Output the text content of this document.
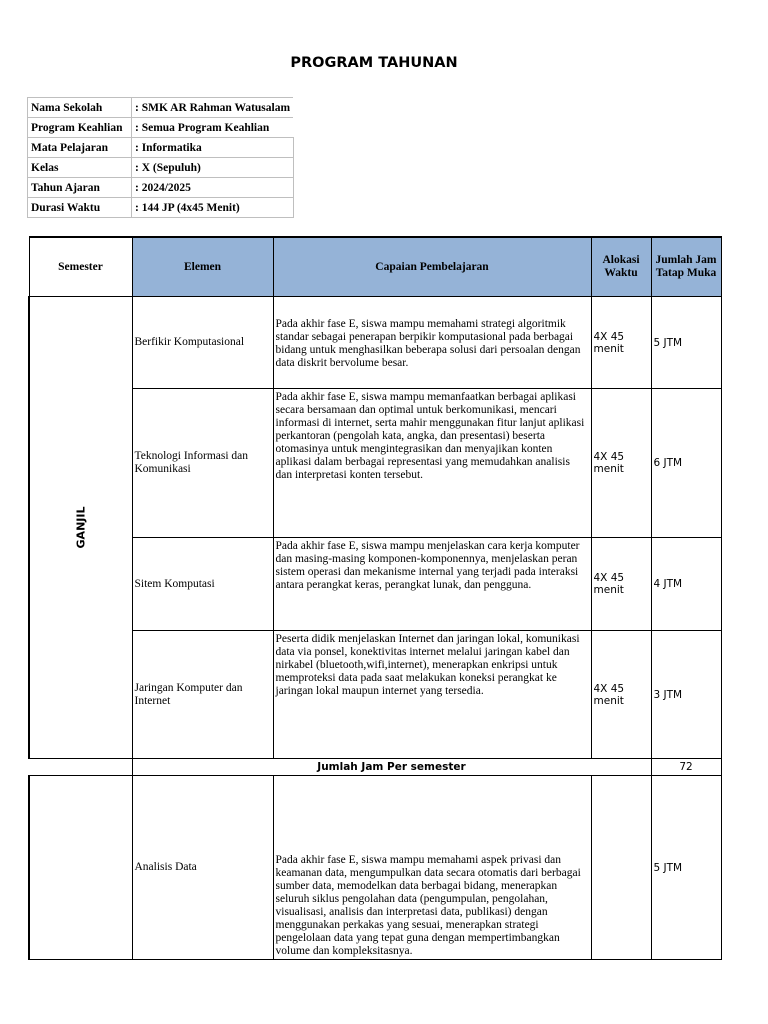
PROGRAM TAHUNAN
Nama Sekolah	: SMK AR Rahman Watusalam
Program Keahlian	: Semua Program Keahlian
Mata Pelajaran	: Informatika
Kelas	: X (Sepuluh)
Tahun Ajaran	: 2024/2025
Durasi Waktu	: 144 JP (4x45 Menit)
Semester	Elemen	Capaian Pembelajaran	Alokasi Waktu	Jumlah Jam Tatap Muka
GANJIL	Berfikir Komputasional	Pada akhir fase E, siswa mampu memahami strategi algoritmik standar sebagai penerapan berpikir komputasional pada berbagai bidang untuk menghasilkan beberapa solusi dari persoalan dengan data diskrit bervolume besar.	4X 45 menit	5 JTM
	Teknologi Informasi dan Komunikasi	Pada akhir fase E, siswa mampu memanfaatkan berbagai aplikasi secara bersamaan dan optimal untuk berkomunikasi, mencari informasi di internet, serta mahir menggunakan fitur lanjut aplikasi perkantoran (pengolah kata, angka, dan presentasi) beserta otomasinya untuk mengintegrasikan dan menyajikan konten aplikasi dalam berbagai representasi yang memudahkan analisis dan interpretasi konten tersebut.	4X 45 menit	6 JTM
	Sitem Komputasi	Pada akhir fase E, siswa mampu menjelaskan cara kerja komputer dan masing-masing komponen-komponennya, menjelaskan peran sistem operasi dan mekanisme internal yang terjadi pada interaksi antara perangkat keras, perangkat lunak, dan pengguna.	4X 45 menit	4 JTM
	Jaringan Komputer dan Internet	Peserta didik menjelaskan Internet dan jaringan lokal, komunikasi data via ponsel, konektivitas internet melalui jaringan kabel dan nirkabel (bluetooth,wifi,internet), menerapkan enkripsi untuk memproteksi data pada saat melakukan koneksi perangkat ke jaringan lokal maupun internet yang tersedia.	4X 45 menit	3 JTM
	Jumlah Jam Per semester			72
	Analisis Data	Pada akhir fase E, siswa mampu memahami aspek privasi dan keamanan data, mengumpulkan data secara otomatis dari berbagai sumber data, memodelkan data berbagai bidang, menerapkan seluruh siklus pengolahan data (pengumpulan, pengolahan, visualisasi, analisis dan interpretasi data, publikasi) dengan menggunakan perkakas yang sesuai, menerapkan strategi pengelolaan data yang tepat guna dengan mempertimbangkan volume dan kompleksitasnya.		5 JTM
